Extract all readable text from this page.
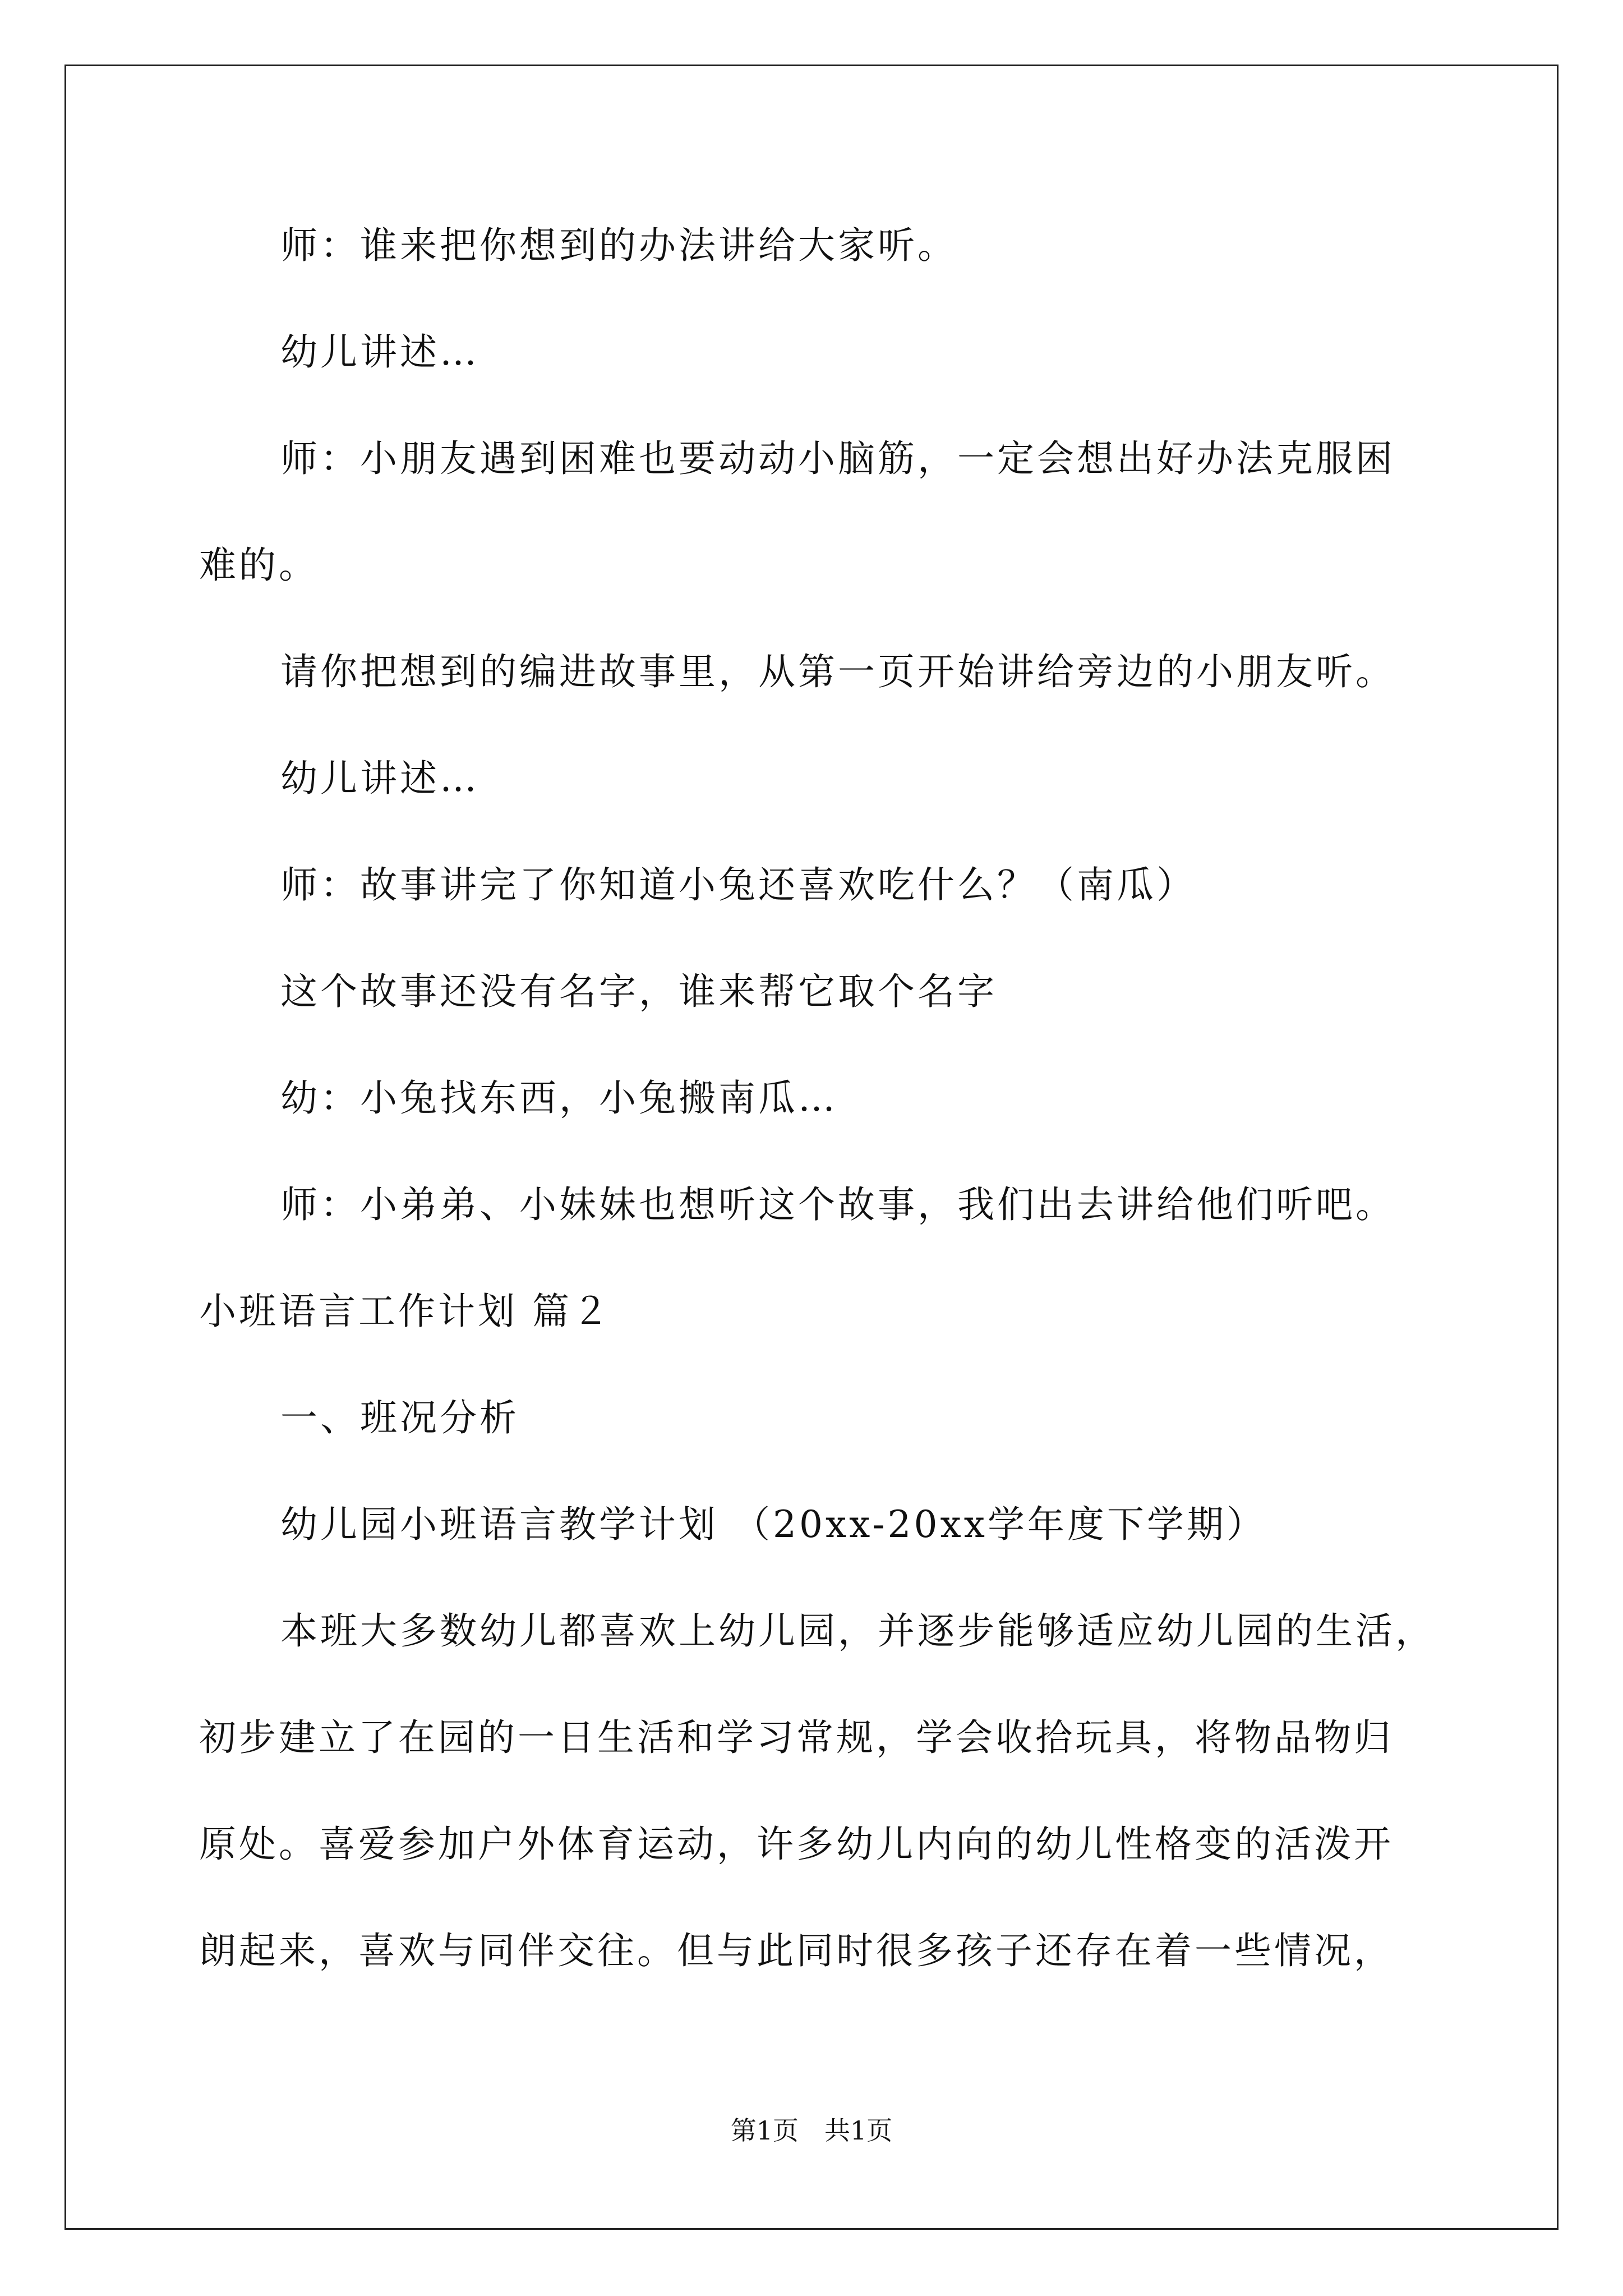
师：谁来把你想到的办法讲给大家听。
幼儿讲述…
师：小朋友遇到困难也要动动小脑筋，一定会想出好办法克服困
难的。
请你把想到的编进故事里，从第一页开始讲给旁边的小朋友听。
幼儿讲述…
师：故事讲完了你知道小兔还喜欢吃什么？（南瓜）
这个故事还没有名字，谁来帮它取个名字
幼：小兔找东西，小兔搬南瓜…
师：小弟弟、小妹妹也想听这个故事，我们出去讲给他们听吧。
小班语言工作计划 篇２
一、班况分析
幼儿园小班语言教学计划 （20xx-20xx学年度下学期）
本班大多数幼儿都喜欢上幼儿园，并逐步能够适应幼儿园的生活，
初步建立了在园的一日生活和学习常规，学会收拾玩具，将物品物归
原处。喜爱参加户外体育运动，许多幼儿内向的幼儿性格变的活泼开
朗起来，喜欢与同伴交往。但与此同时很多孩子还存在着一些情况，
第1页　共1页
